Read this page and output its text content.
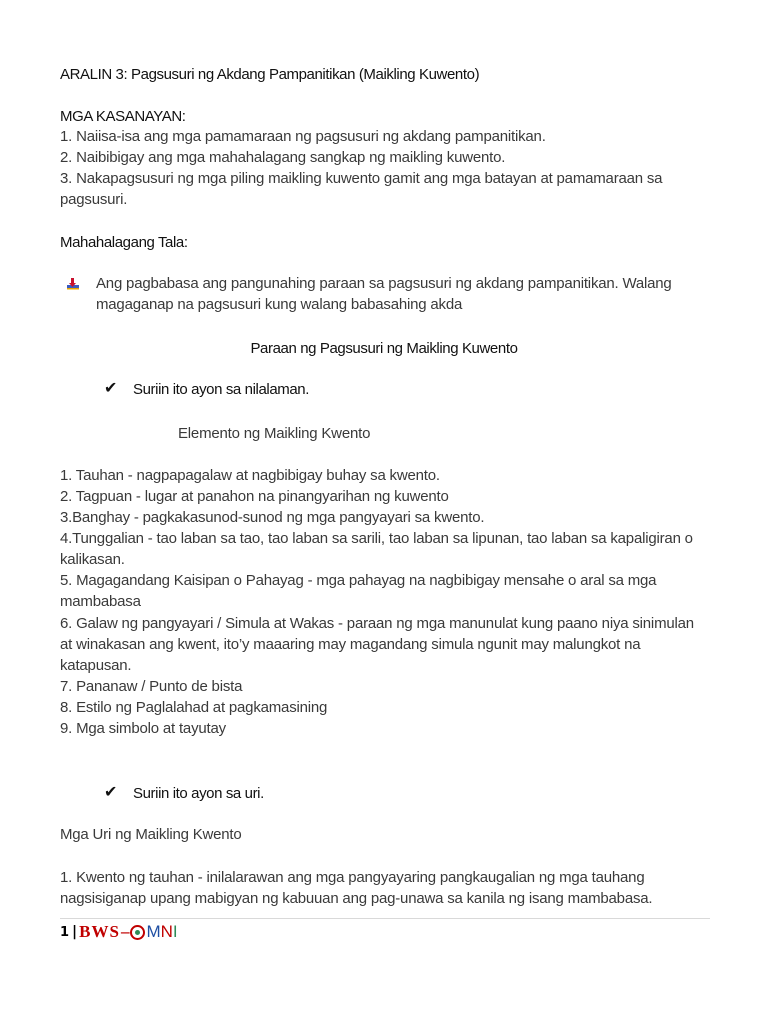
ARALIN 3: Pagsusuri ng Akdang Pampanitikan (Maikling Kuwento)

MGA KASANAYAN:

1. Naiisa-isa ang mga pamamaraan ng pagsusuri ng akdang pampanitikan.

2. Naibibigay ang mga mahahalagang sangkap ng maikling kuwento.

3. Nakapagsusuri ng mga piling maikling kuwento gamit ang mga batayan at pamamaraan sa

pagsusuri.

Mahahalagang Tala:

Ang pagbabasa ang pangunahing paraan sa pagsusuri ng akdang pampanitikan. Walang

magaganap na pagsusuri kung walang babasahing akda

Paraan ng Pagsusuri ng Maikling Kuwento

✔ Suriin ito ayon sa nilalaman.

Elemento ng Maikling Kwento

1. Tauhan - nagpapagalaw at nagbibigay buhay sa kwento.

2. Tagpuan - lugar at panahon na pinangyarihan ng kuwento

3.Banghay - pagkakasunod-sunod ng mga pangyayari sa kwento.

4.Tunggalian - tao laban sa tao, tao laban sa sarili, tao laban sa lipunan, tao laban sa kapaligiran o

kalikasan.

5. Magagandang Kaisipan o Pahayag - mga pahayag na nagbibigay mensahe o aral sa mga

mambabasa

6. Galaw ng pangyayari / Simula at Wakas - paraan ng mga manunulat kung paano niya sinimulan

at winakasan ang kwent, ito’y maaaring may magandang simula ngunit may malungkot na

katapusan.

7. Pananaw / Punto de bista

8. Estilo ng Paglalahad at pagkamasining

9. Mga simbolo at tayutay

✔ Suriin ito ayon sa uri.

Mga Uri ng Maikling Kwento

1. Kwento ng tauhan - inilalarawan ang mga pangyayaring pangkaugalian ng mga tauhang

nagsisiganap upang mabigyan ng kabuuan ang pag-unawa sa kanila ng isang mambabasa.

1 | BWS – M N I
